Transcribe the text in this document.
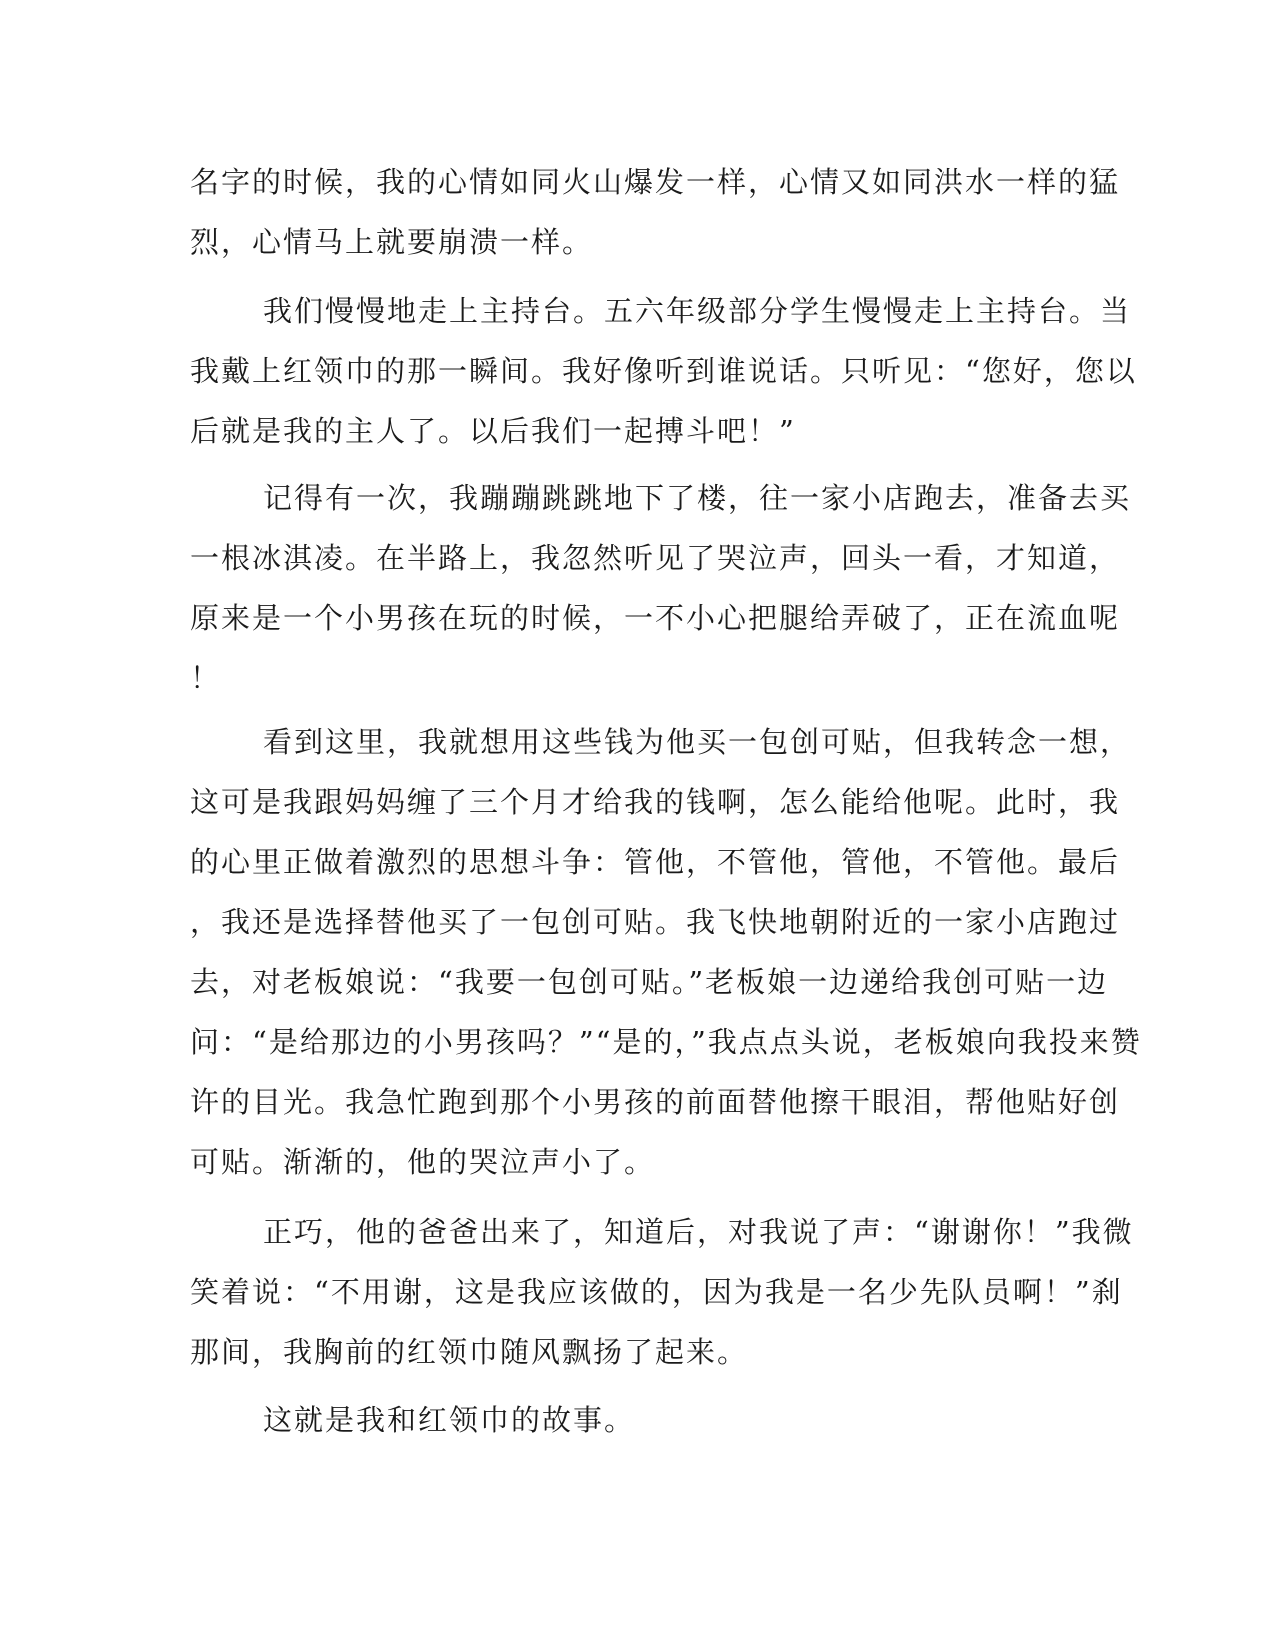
名字的时候，我的心情如同火山爆发一样，心情又如同洪水一样的猛
烈，心情马上就要崩溃一样。
我们慢慢地走上主持台。五六年级部分学生慢慢走上主持台。当
我戴上红领巾的那一瞬间。我好像听到谁说话。只听见：“您好，您以
后就是我的主人了。以后我们一起搏斗吧！”
记得有一次，我蹦蹦跳跳地下了楼，往一家小店跑去，准备去买
一根冰淇凌。在半路上，我忽然听见了哭泣声，回头一看，才知道，
原来是一个小男孩在玩的时候，一不小心把腿给弄破了，正在流血呢
！
看到这里，我就想用这些钱为他买一包创可贴，但我转念一想，
这可是我跟妈妈缠了三个月才给我的钱啊，怎么能给他呢。此时，我
的心里正做着激烈的思想斗争：管他，不管他，管他，不管他。最后
，我还是选择替他买了一包创可贴。我飞快地朝附近的一家小店跑过
去，对老板娘说：“我要一包创可贴。”老板娘一边递给我创可贴一边
问：“是给那边的小男孩吗？”“是的，”我点点头说，老板娘向我投来赞
许的目光。我急忙跑到那个小男孩的前面替他擦干眼泪，帮他贴好创
可贴。渐渐的，他的哭泣声小了。
正巧，他的爸爸出来了，知道后，对我说了声：“谢谢你！”我微
笑着说：“不用谢，这是我应该做的，因为我是一名少先队员啊！”刹
那间，我胸前的红领巾随风飘扬了起来。
这就是我和红领巾的故事。
